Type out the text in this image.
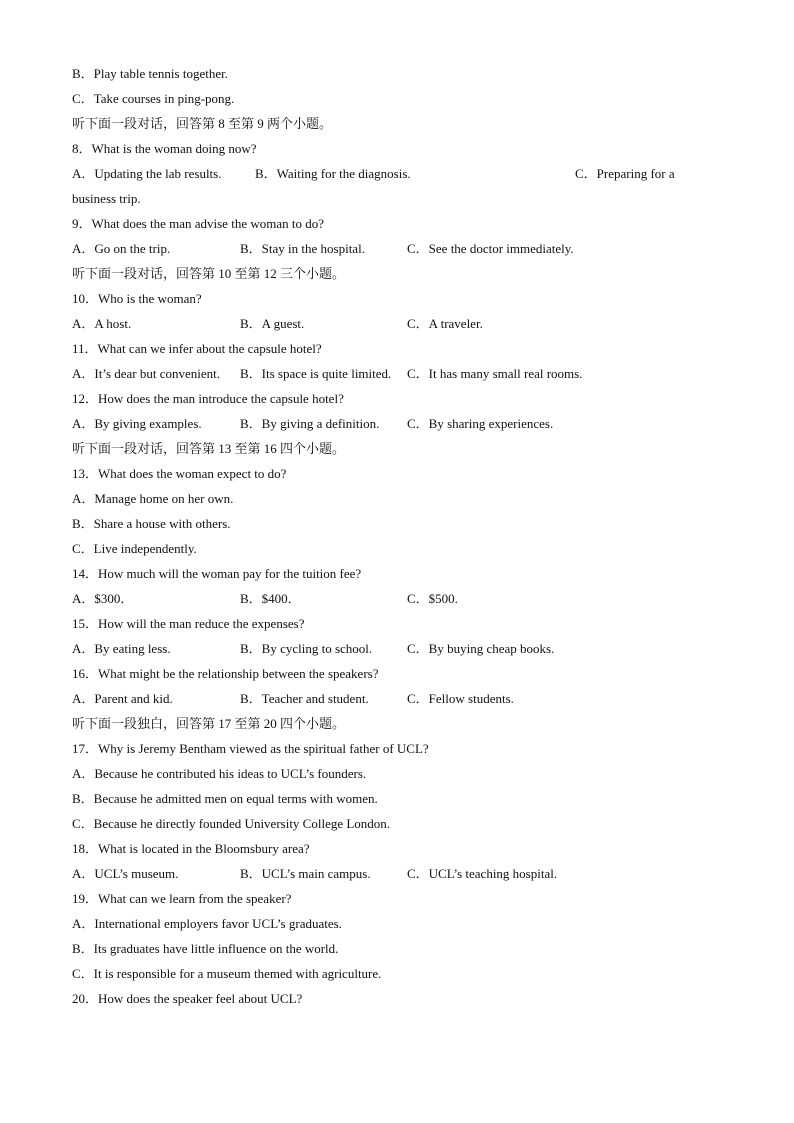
B．Play table tennis together.
C．Take courses in ping-pong.
听下面一段对话，回答第 8 至第 9 两个小题。
8．What is the woman doing now?
A．Updating the lab results.	B．Waiting for the diagnosis.	C．Preparing for a
business trip.
9．What does the man advise the woman to do?
A．Go on the trip.	B．Stay in the hospital.	C．See the doctor immediately.
听下面一段对话，回答第 10 至第 12 三个小题。
10．Who is the woman?
A．A host.	B．A guest.	C．A traveler.
11．What can we infer about the capsule hotel?
A．It’s dear but convenient. B．Its space is quite limited. C．It has many small real rooms.
12．How does the man introduce the capsule hotel?
A．By giving examples.	B．By giving a definition. C．By sharing experiences.
听下面一段对话，回答第 13 至第 16 四个小题。
13．What does the woman expect to do?
A．Manage home on her own.
B．Share a house with others.
C．Live independently.
14．How much will the woman pay for the tuition fee?
A．$300．	B．$400．	C．$500.
15．How will the man reduce the expenses?
A．By eating less.	B．By cycling to school.	C．By buying cheap books.
16．What might be the relationship between the speakers?
A．Parent and kid.	B．Teacher and student.	C．Fellow students.
听下面一段独白，回答第 17 至第 20 四个小题。
17．Why is Jeremy Bentham viewed as the spiritual father of UCL?
A．Because he contributed his ideas to UCL’s founders.
B．Because he admitted men on equal terms with women.
C．Because he directly founded University College London.
18．What is located in the Bloomsbury area?
A．UCL’s museum.	B．UCL’s main campus.	C．UCL’s teaching hospital.
19．What can we learn from the speaker?
A．International employers favor UCL’s graduates.
B．Its graduates have little influence on the world.
C．It is responsible for a museum themed with agriculture.
20．How does the speaker feel about UCL?
